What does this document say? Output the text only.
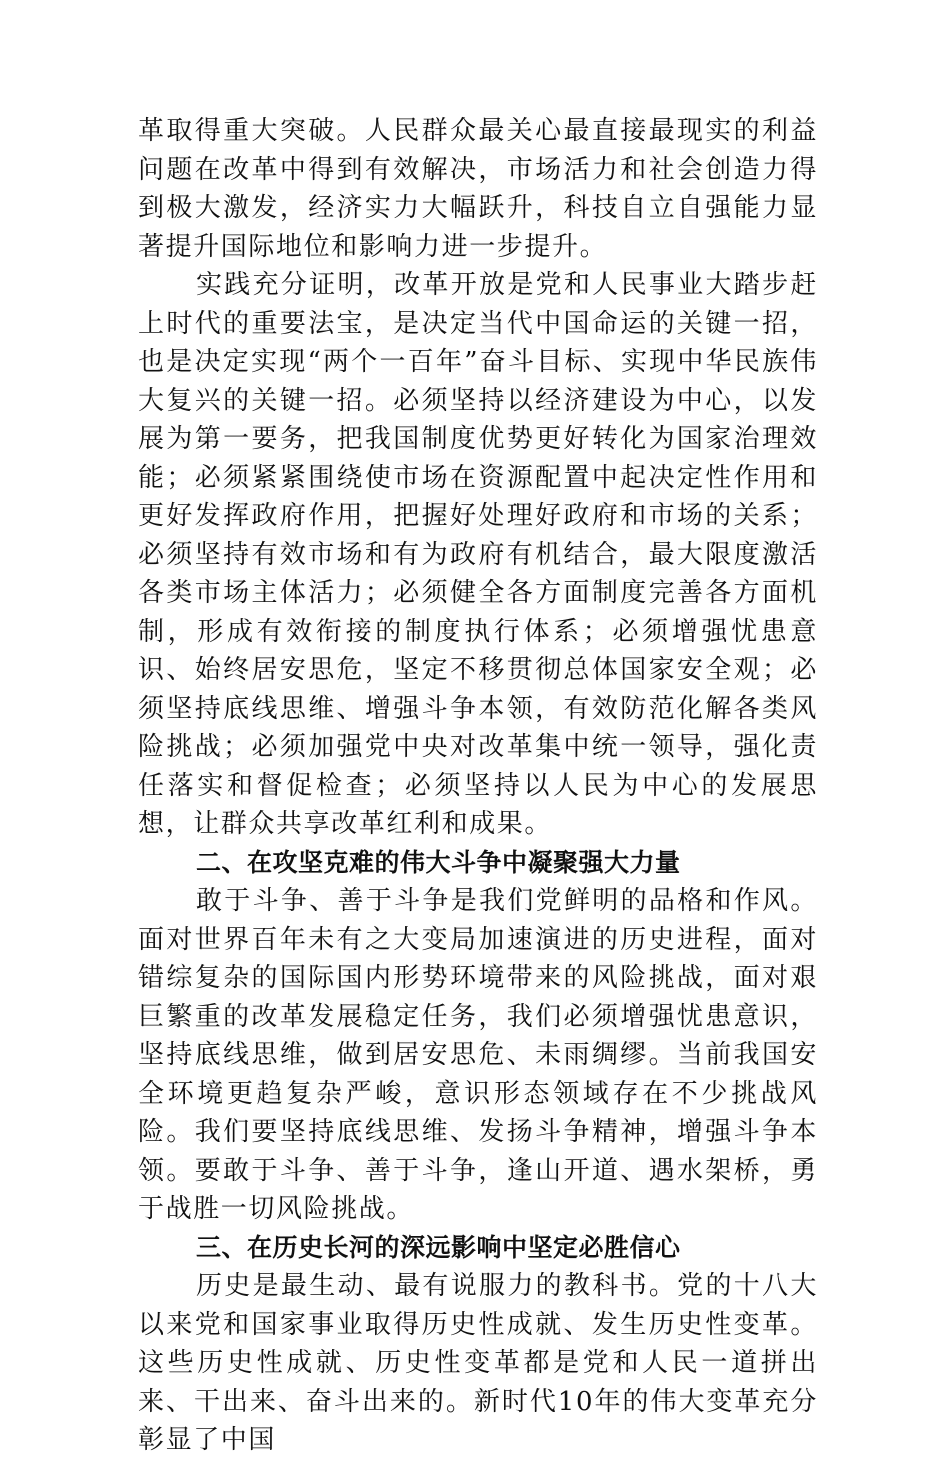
革取得重大突破。人民群众最关心最直接最现实的利益问题在改革中得到有效解决，市场活力和社会创造力得到极大激发，经济实力大幅跃升，科技自立自强能力显著提升国际地位和影响力进一步提升。

实践充分证明，改革开放是党和人民事业大踏步赶上时代的重要法宝，是决定当代中国命运的关键一招，也是决定实现“两个一百年”奋斗目标、实现中华民族伟大复兴的关键一招。必须坚持以经济建设为中心，以发展为第一要务，把我国制度优势更好转化为国家治理效能；必须紧紧围绕使市场在资源配置中起决定性作用和更好发挥政府作用，把握好处理好政府和市场的关系；必须坚持有效市场和有为政府有机结合，最大限度激活各类市场主体活力；必须健全各方面制度完善各方面机制，形成有效衔接的制度执行体系；必须增强忧患意识、始终居安思危，坚定不移贯彻总体国家安全观；必须坚持底线思维、增强斗争本领，有效防范化解各类风险挑战；必须加强党中央对改革集中统一领导，强化责任落实和督促检查；必须坚持以人民为中心的发展思想，让群众共享改革红利和成果。

二、在攻坚克难的伟大斗争中凝聚强大力量

敢于斗争、善于斗争是我们党鲜明的品格和作风。面对世界百年未有之大变局加速演进的历史进程，面对错综复杂的国际国内形势环境带来的风险挑战，面对艰巨繁重的改革发展稳定任务，我们必须增强忧患意识，坚持底线思维，做到居安思危、未雨绸缪。当前我国安全环境更趋复杂严峻，意识形态领域存在不少挑战风险。我们要坚持底线思维、发扬斗争精神，增强斗争本领。要敢于斗争、善于斗争，逢山开道、遇水架桥，勇于战胜一切风险挑战。

三、在历史长河的深远影响中坚定必胜信心

历史是最生动、最有说服力的教科书。党的十八大以来党和国家事业取得历史性成就、发生历史性变革。这些历史性成就、历史性变革都是党和人民一道拼出来、干出来、奋斗出来的。新时代10年的伟大变革充分彰显了中国
